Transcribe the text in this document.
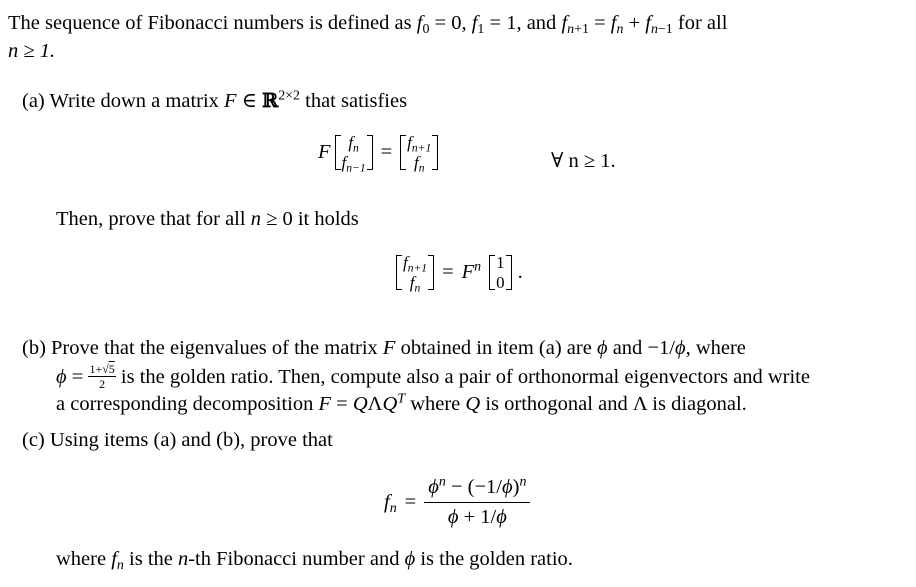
The sequence of Fibonacci numbers is defined as $f_0 = 0$, $f_1 = 1$, and $f_{n+1} = f_n + f_{n-1}$ for all
n ≥ 1.
(a) Write down a matrix F ∈ ℝ$^{2\times 2}$ that satisfies
F $f_n$
$f_{n-1}$
= $f_{n+1}$
$f_n$	∀ n ≥ 1.
Then, prove that for all n ≥ 0 it holds
$f_{n+1}$
$f_n$
= $F^n$ 1
0 .
(b) Prove that the eigenvalues of the matrix F obtained in item (a) are ϕ and −1/ϕ, where
$\phi = \frac{1+√5}{2}$ is the golden ratio. Then, compute also a pair of orthonormal eigenvectors and write
a corresponding decomposition $F = Q\Lambda Q^T$ where Q is orthogonal and Λ is diagonal.
(c) Using items (a) and (b), prove that
$f_n = \frac{\phi^n - (-1/\phi)^n}{\phi + 1/\phi}$
where $f_n$ is the n-th Fibonacci number and ϕ is the golden ratio.
